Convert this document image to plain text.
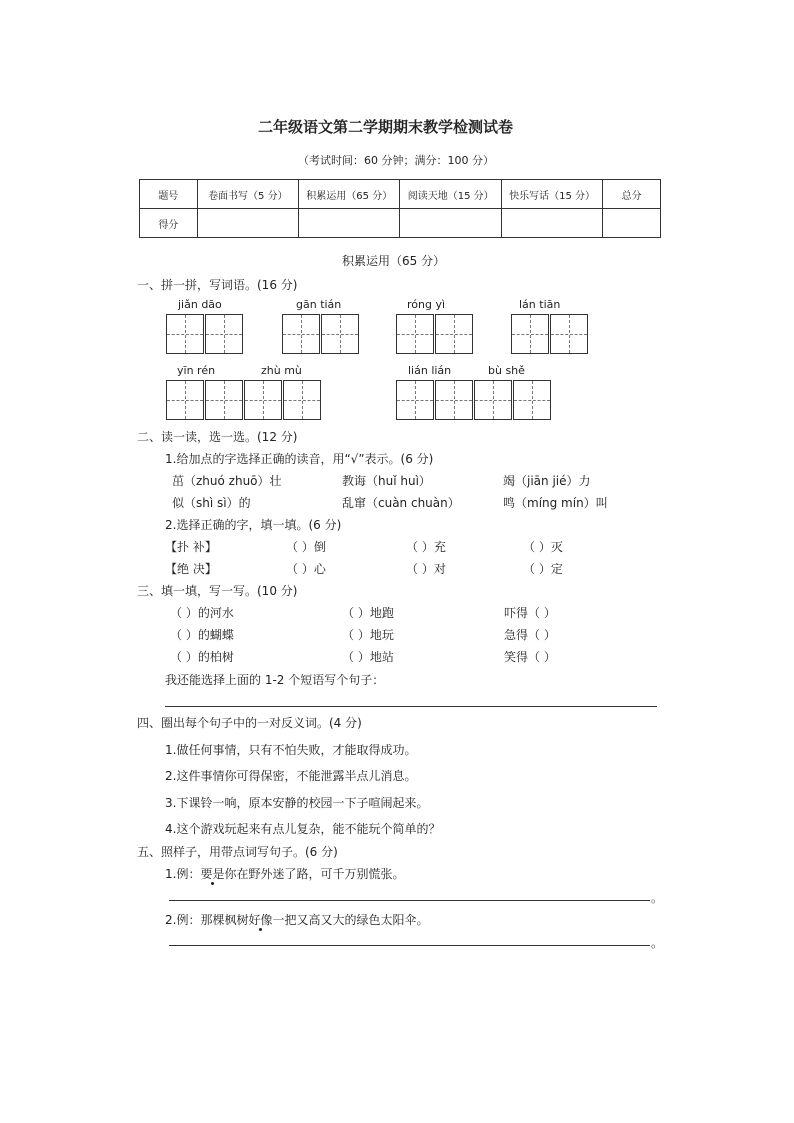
二年级语文第二学期期末教学检测试卷
（考试时间：60 分钟；满分：100 分）
题号	卷面书写（5 分）	积累运用（65 分）	阅读天地（15 分）	快乐写话（15 分）	总分
得分					
积累运用（65 分）
一、拼一拼，写词语。(16 分)
jiǎn dāo	gān tián	róng yì	lán tiān
yīn rén	zhù mù	lián lián	bù shě
二、读一读，选一选。(12 分)
1.给加点的字选择正确的读音，用“√”表示。(6 分)
茁（zhuó zhuō）壮	教诲（huǐ huì）	竭（jiān jié）力
似（shì sì）的	乱窜（cuàn chuàn）	鸣（míng mín）叫
2.选择正确的字，填一填。(6 分)
【扑 补】	（ ）倒	（ ）充	（ ）灭
【绝 决】	（ ）心	（ ）对	（ ）定
三、填一填，写一写。(10 分)
（ ）的河水	（ ）地跑	吓得（ ）
（ ）的蝴蝶	（ ）地玩	急得（ ）
（ ）的柏树	（ ）地站	笑得（ ）
我还能选择上面的 1-2 个短语写个句子：
四、圈出每个句子中的一对反义词。(4 分)
1.做任何事情，只有不怕失败，才能取得成功。
2.这件事情你可得保密，不能泄露半点儿消息。
3.下课铃一响，原本安静的校园一下子喧闹起来。
4.这个游戏玩起来有点儿复杂，能不能玩个简单的？
五、照样子，用带点词写句子。(6 分)
1.例：要是你在野外迷了路，可千万别慌张。
。
2.例：那棵枫树好像一把又高又大的绿色太阳伞。
。
